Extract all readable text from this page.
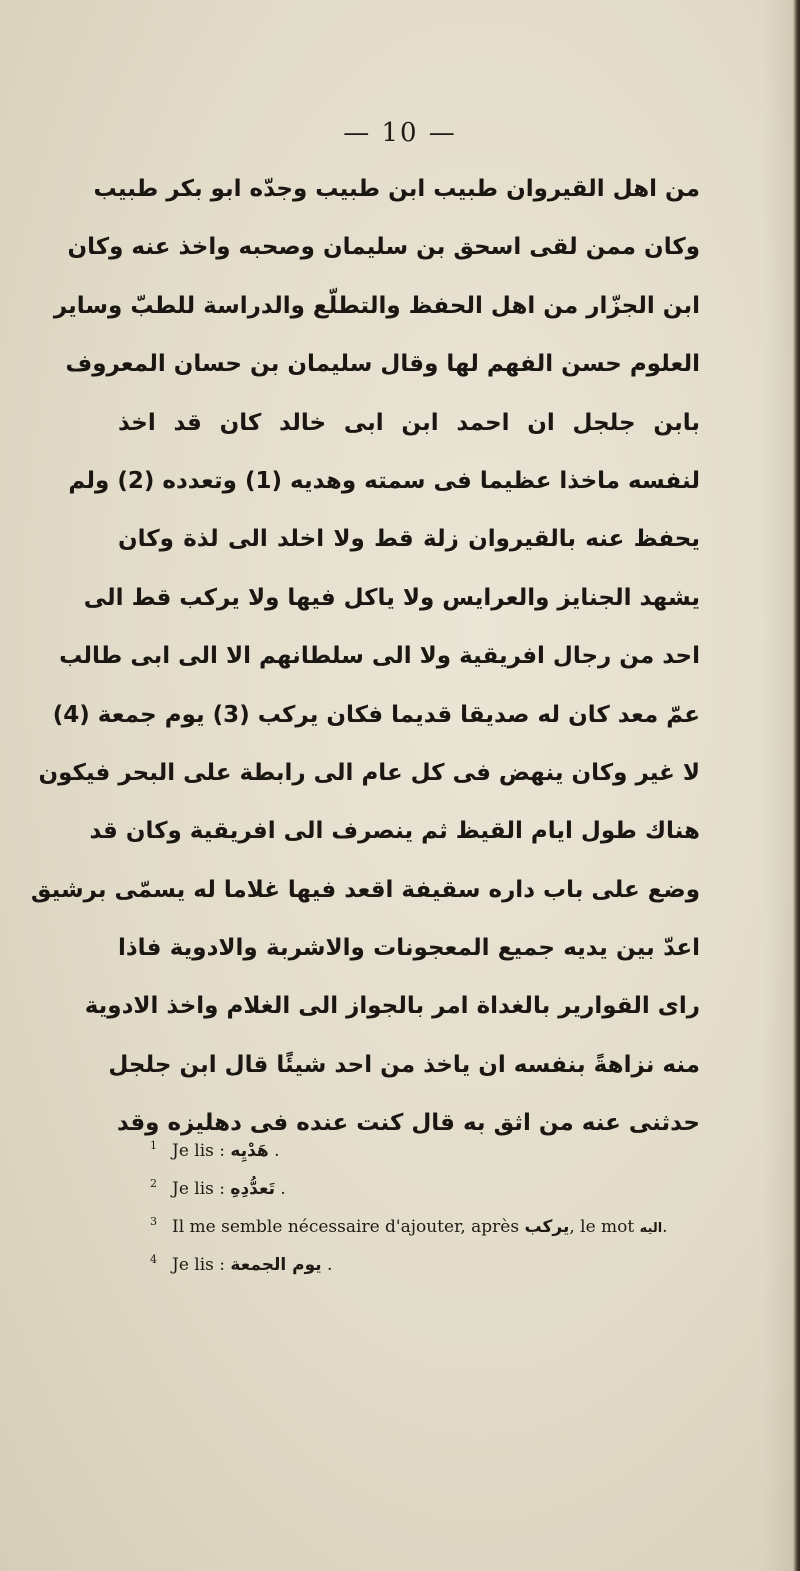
— 10 —
من اهل القيروان طبيب ابن طبيب وجدّه ابو بكر طبيب
وكان ممن لقى اسحق بن سليمان وصحبه واخذ عنه وكان
ابن الجزّار من اهل الحفظ والتطلّع والدراسة للطبّ وساير
العلوم حسن الفهم لها وقال سليمان بن حسان المعروف
بابن جلجل ان احمد ابن ابى خالد كان قد اخذ
لنفسه ماخذا عظيما فى سمته وهديه (1) وتعدده (2) ولم
يحفظ عنه بالقيروان زلة قط ولا اخلد الى لذة وكان
يشهد الجنايز والعرايس ولا ياكل فيها ولا يركب قط الى
احد من رجال افريقية ولا الى سلطانهم الا الى ابى طالب
عمّ معد كان له صديقا قديما فكان يركب (3) يوم جمعة (4)
لا غير وكان ينهض فى كل عام الى رابطة على البحر فيكون
هناك طول ايام القيظ ثم ينصرف الى افريقية وكان قد
وضع على باب داره سقيفة اقعد فيها غلاما له يسمّى برشيق
اعدّ بين يديه جميع المعجونات والاشربة والادوية فاذا
راى القوارير بالغداة امر بالجواز الى الغلام واخذ الادوية
منه نزاهةً بنفسه ان ياخذ من احد شيئًا قال ابن جلجل
حدثنى عنه من اثق به قال كنت عنده فى دهليزه وقد
1 Je lis : هَدْيِه .
2 Je lis : تَعدُّدِهِ .
3 Il me semble nécessaire d'ajouter, après يركب, le mot اليه.
4 Je lis : يوم الجمعة .
